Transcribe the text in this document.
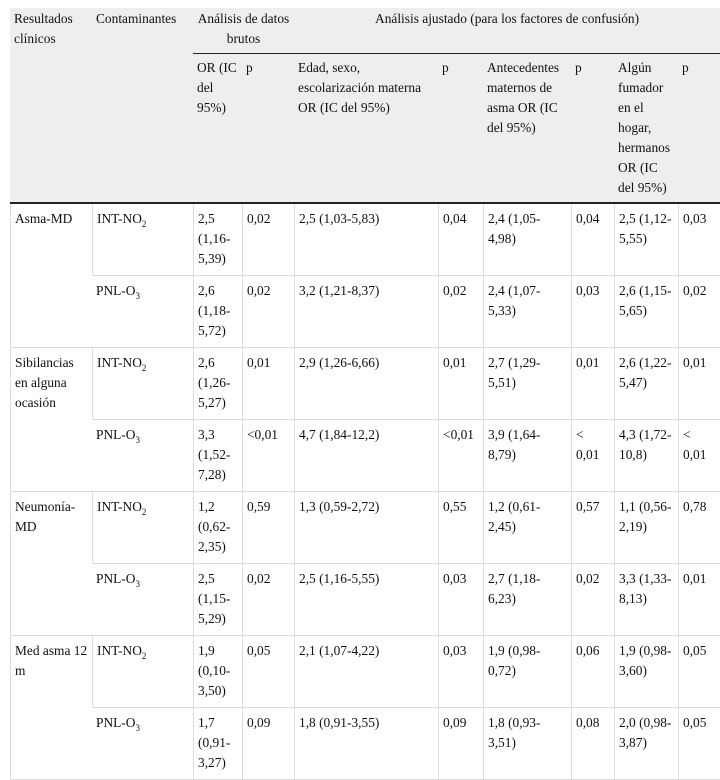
Resultados clínicos	Contaminantes	Análisis de datos brutos		Análisis ajustado (para los factores de confusión)					
		OR (IC del 95%)	p	Edad, sexo, escolarización materna OR (IC del 95%)	p	Antecedentes maternos de asma OR (IC del 95%)	p	Algún fumador en el hogar, hermanos OR (IC del 95%)	p
Asma-MD	INT-$NO_2$	2,5 (1,16-5,39)	0,02	2,5 (1,03-5,83)	0,04	2,4 (1,05-4,98)	0,04	2,5 (1,12-5,55)	0,03
	PNL-$O_3$	2,6 (1,18-5,72)	0,02	3,2 (1,21-8,37)	0,02	2,4 (1,07-5,33)	0,03	2,6 (1,15-5,65)	0,02
Sibilancias en alguna ocasión	INT-$NO_2$	2,6 (1,26-5,27)	0,01	2,9 (1,26-6,66)	0,01	2,7 (1,29-5,51)	0,01	2,6 (1,22-5,47)	0,01
	PNL-$O_3$	3,3 (1,52-7,28)	<0,01	4,7 (1,84-12,2)	<0,01	3,9 (1,64-8,79)	< 0,01	4,3 (1,72-10,8)	< 0,01
Neumonía-MD	INT-$NO_2$	1,2 (0,62-2,35)	0,59	1,3 (0,59-2,72)	0,55	1,2 (0,61-2,45)	0,57	1,1 (0,56-2,19)	0,78
	PNL-$O_3$	2,5 (1,15-5,29)	0,02	2,5 (1,16-5,55)	0,03	2,7 (1,18-6,23)	0,02	3,3 (1,33-8,13)	0,01
Med asma 12 m	INT-$NO_2$	1,9 (0,10-3,50)	0,05	2,1 (1,07-4,22)	0,03	1,9 (0,98-0,72)	0,06	1,9 (0,98-3,60)	0,05
	PNL-$O_3$	1,7 (0,91-3,27)	0,09	1,8 (0,91-3,55)	0,09	1,8 (0,93-3,51)	0,08	2,0 (0,98-3,87)	0,05
